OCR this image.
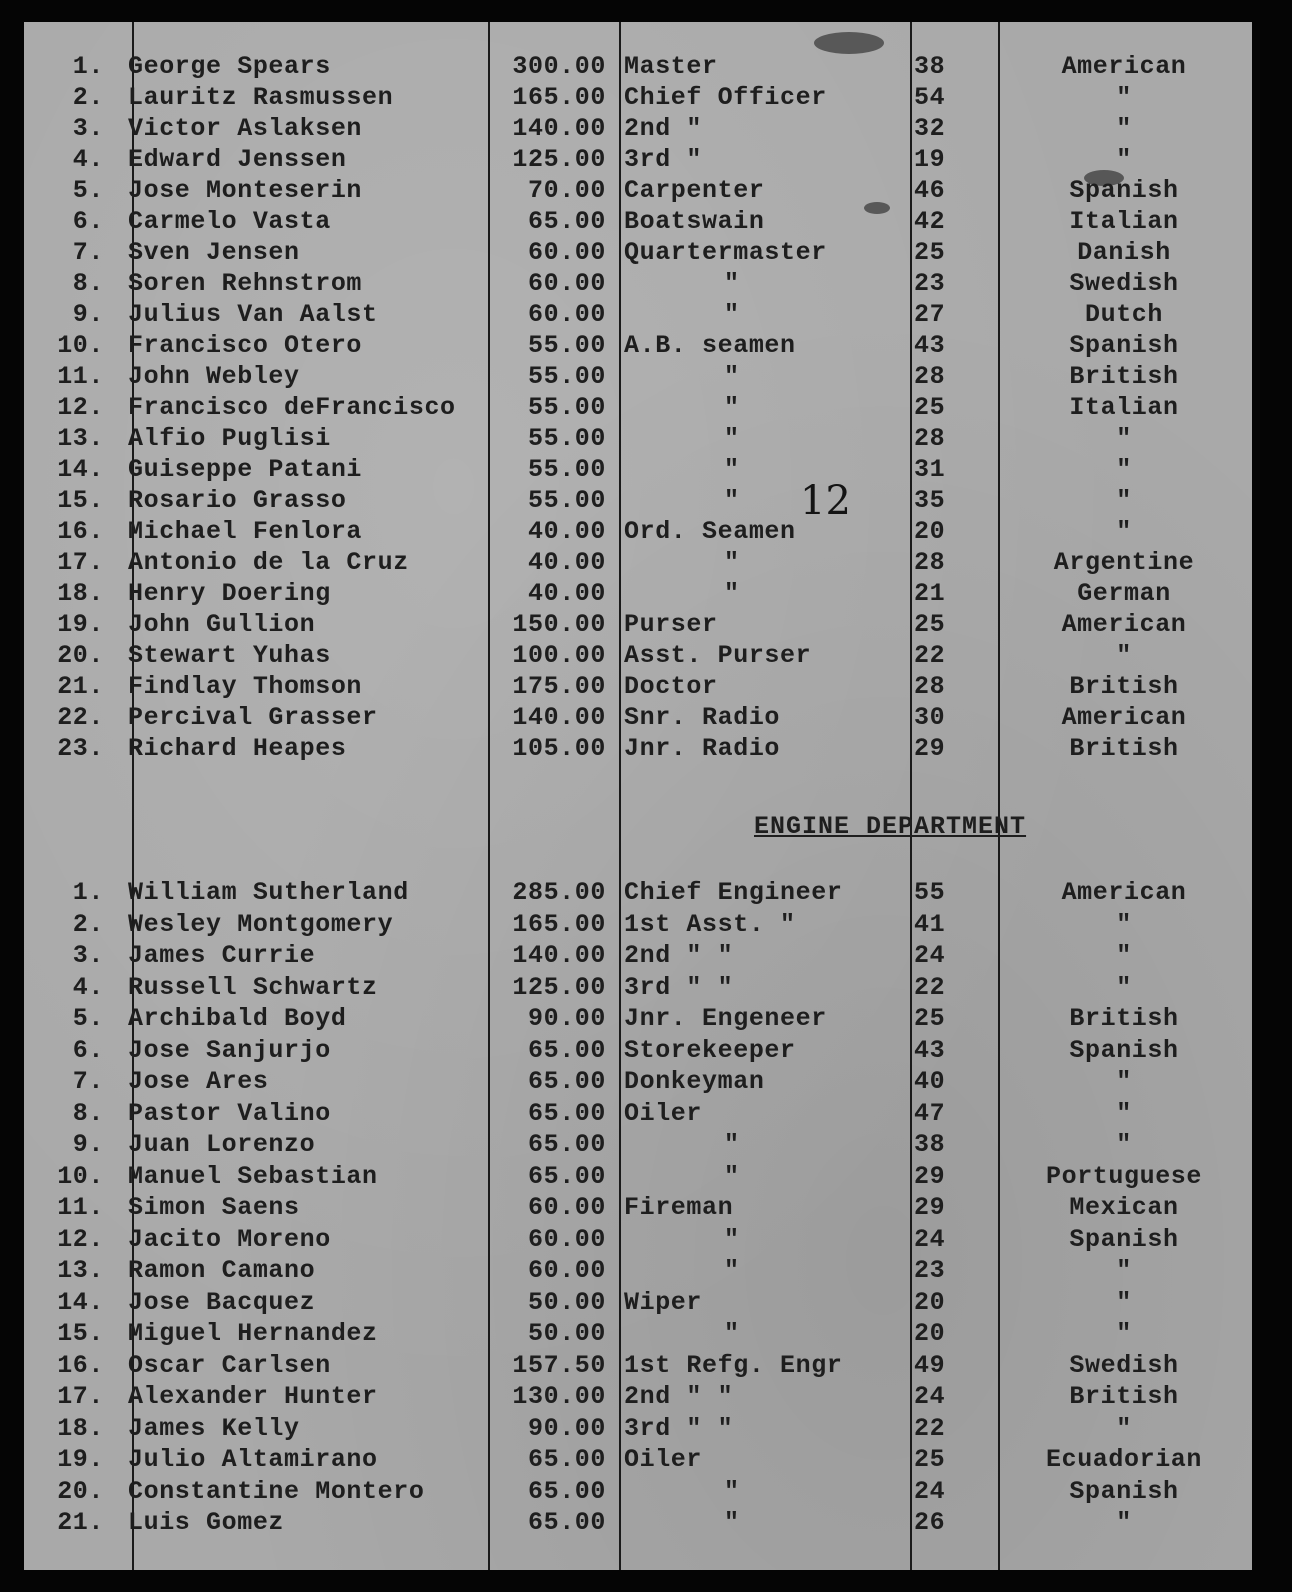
1. George Spears	300.00 Master	38	American
2. Lauritz Rasmussen	165.00 Chief Officer	54	"
3. Victor Aslaksen	140.00 2nd "	32	"
4. Edward Jenssen	125.00 3rd "	19	"
5. Jose Monteserin	70.00 Carpenter	46	Spanish
6. Carmelo Vasta	65.00 Boatswain	42	Italian
7. Sven Jensen	60.00 Quartermaster	25	Danish
8. Soren Rehnstrom	60.00	"	23	Swedish
9. Julius Van Aalst	60.00	"	27	Dutch
10. Francisco Otero	55.00 A.B. seamen	43	Spanish
11. John Webley	55.00	"	28	British
12. Francisco deFrancisco	55.00	"	25	Italian
13. Alfio Puglisi	55.00	"	28	"
14. Guiseppe Patani	55.00	"	31	"
15. Rosario Grasso	55.00	"	35	"
16. Michael Fenlora	40.00 Ord. Seamen	20	"
17. Antonio de la Cruz	40.00	"	28	Argentine
18. Henry Doering	40.00	"	21	German
19. John Gullion	150.00 Purser	25	American
20. Stewart Yuhas	100.00 Asst. Purser	22	"
21. Findlay Thomson	175.00 Doctor	28	British
22. Percival Grasser	140.00 Snr. Radio	30	American
23. Richard Heapes	105.00 Jnr. Radio	29	British
12
ENGINE DEPARTMENT
1. William Sutherland	285.00 Chief Engineer	55	American
2. Wesley Montgomery	165.00 1st Asst. "	41	"
3. James Currie	140.00 2nd " "	24	"
4. Russell Schwartz	125.00 3rd " "	22	"
5. Archibald Boyd	90.00 Jnr. Engeneer	25	British
6. Jose Sanjurjo	65.00 Storekeeper	43	Spanish
7. Jose Ares	65.00 Donkeyman	40	"
8. Pastor Valino	65.00 Oiler	47	"
9. Juan Lorenzo	65.00	"	38	"
10. Manuel Sebastian	65.00	"	29	Portuguese
11. Simon Saens	60.00 Fireman	29	Mexican
12. Jacito Moreno	60.00	"	24	Spanish
13. Ramon Camano	60.00	"	23	"
14. Jose Bacquez	50.00 Wiper	20	"
15. Miguel Hernandez	50.00	"	20	"
16. Oscar Carlsen	157.50 1st Refg. Engr	49	Swedish
17. Alexander Hunter	130.00 2nd " "	24	British
18. James Kelly	90.00 3rd " "	22	"
19. Julio Altamirano	65.00 Oiler	25	Ecuadorian
20. Constantine Montero	65.00	"	24	Spanish
21. Luis Gomez	65.00	"	26	"
